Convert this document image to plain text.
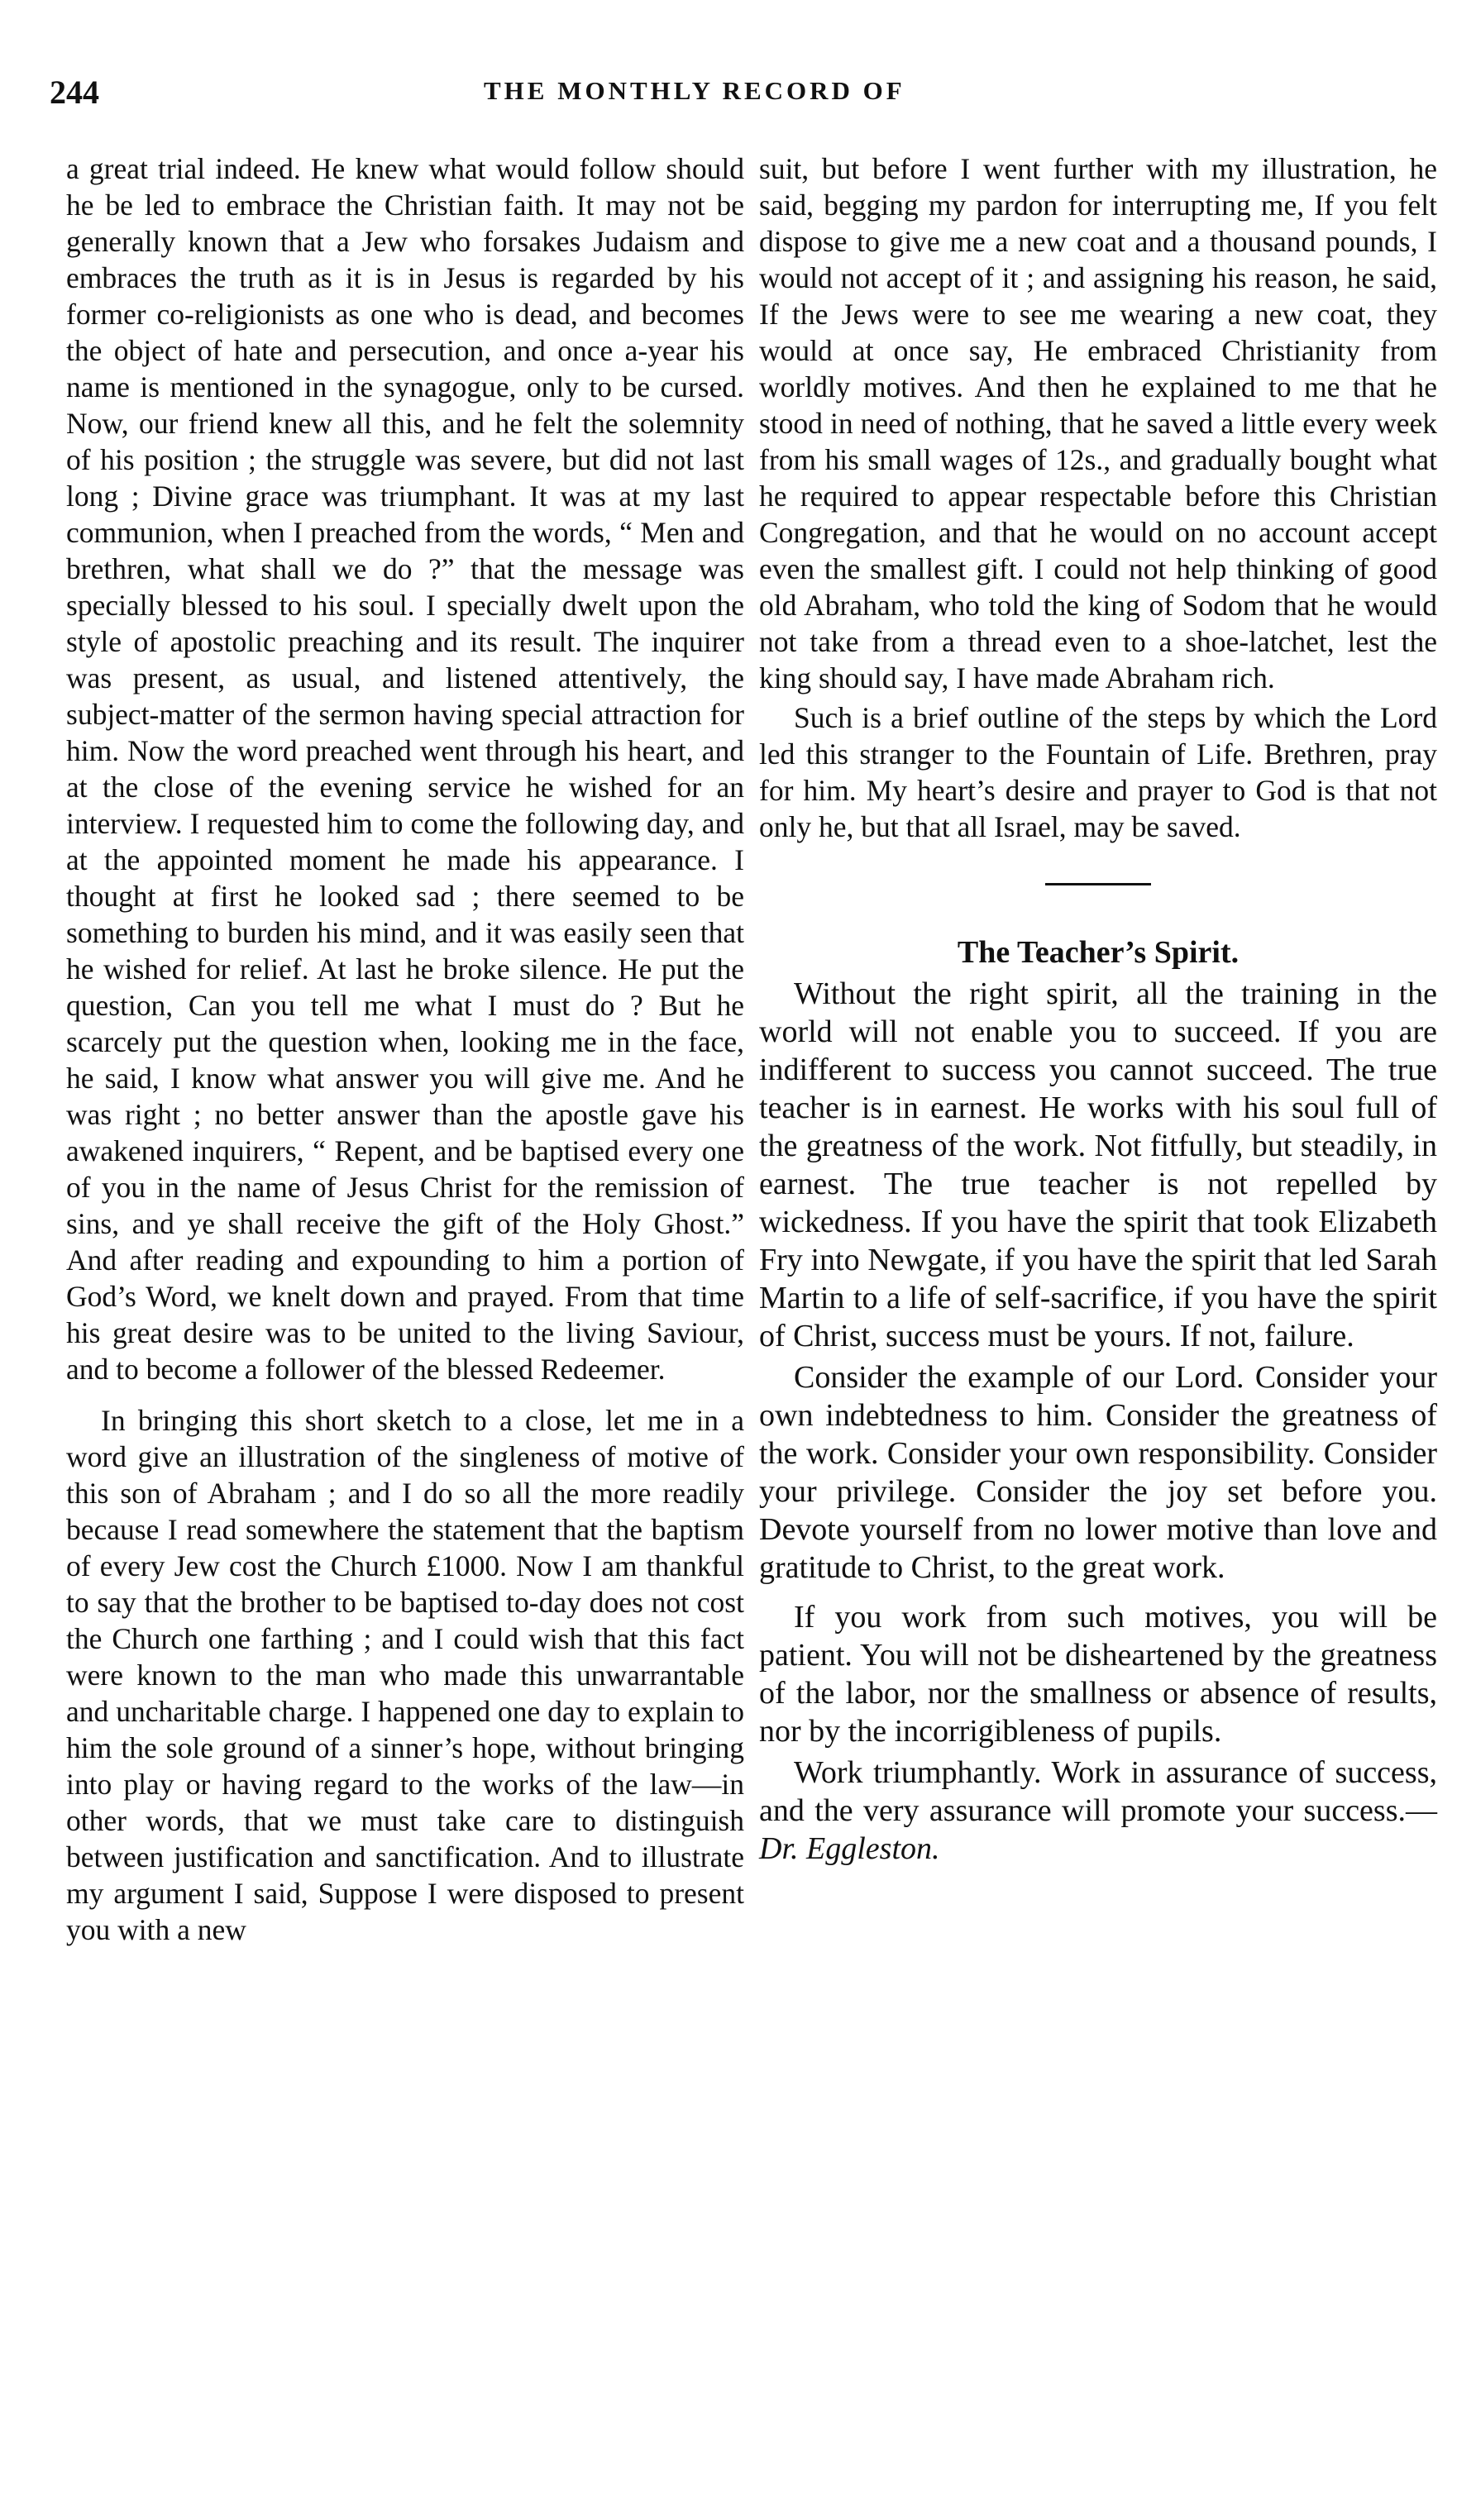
244	THE MONTHLY RECORD OF

a great trial indeed. He knew what would follow should he be led to embrace the Christian faith. It may not be generally known that a Jew who forsakes Judaism and embraces the truth as it is in Jesus is regarded by his former co-religionists as one who is dead, and becomes the object of hate and persecution, and once a-year his name is mentioned in the synagogue, only to be cursed. Now, our friend knew all this, and he felt the solemnity of his position ; the struggle was severe, but did not last long ; Divine grace was triumphant. It was at my last communion, when I preached from the words, “ Men and brethren, what shall we do ?” that the message was specially blessed to his soul. I specially dwelt upon the style of apostolic preaching and its result. The inquirer was present, as usual, and listened attentively, the subject-matter of the sermon having special attraction for him. Now the word preached went through his heart, and at the close of the evening service he wished for an interview. I requested him to come the following day, and at the appointed moment he made his appearance. I thought at first he looked sad ; there seemed to be something to burden his mind, and it was easily seen that he wished for relief. At last he broke silence. He put the question, Can you tell me what I must do ? But he scarcely put the question when, looking me in the face, he said, I know what answer you will give me. And he was right ; no better answer than the apostle gave his awakened inquirers, “ Repent, and be baptised every one of you in the name of Jesus Christ for the remission of sins, and ye shall receive the gift of the Holy Ghost.” And after reading and expounding to him a portion of God’s Word, we knelt down and prayed. From that time his great desire was to be united to the living Saviour, and to become a follower of the blessed Redeemer.

In bringing this short sketch to a close, let me in a word give an illustration of the singleness of motive of this son of Abraham ; and I do so all the more readily because I read somewhere the statement that the baptism of every Jew cost the Church £1000. Now I am thankful to say that the brother to be baptised to-day does not cost the Church one farthing ; and I could wish that this fact were known to the man who made this unwarrantable and uncharitable charge. I happened one day to explain to him the sole ground of a sinner’s hope, without bringing into play or having regard to the works of the law—in other words, that we must take care to distinguish between justification and sanctification. And to illustrate my argument I said, Suppose I were disposed to present you with a new

suit, but before I went further with my illustration, he said, begging my pardon for interrupting me, If you felt dispose to give me a new coat and a thousand pounds, I would not accept of it ; and assigning his reason, he said, If the Jews were to see me wearing a new coat, they would at once say, He embraced Christianity from worldly motives. And then he explained to me that he stood in need of nothing, that he saved a little every week from his small wages of 12s., and gradually bought what he required to appear respectable before this Christian Congregation, and that he would on no account accept even the smallest gift. I could not help thinking of good old Abraham, who told the king of Sodom that he would not take from a thread even to a shoe-latchet, lest the king should say, I have made Abraham rich.

Such is a brief outline of the steps by which the Lord led this stranger to the Fountain of Life. Brethren, pray for him. My heart’s desire and prayer to God is that not only he, but that all Israel, may be saved.

The Teacher’s Spirit.

Without the right spirit, all the training in the world will not enable you to succeed. If you are indifferent to success you cannot succeed. The true teacher is in earnest. He works with his soul full of the greatness of the work. Not fitfully, but steadily, in earnest. The true teacher is not repelled by wickedness. If you have the spirit that took Elizabeth Fry into Newgate, if you have the spirit that led Sarah Martin to a life of self-sacrifice, if you have the spirit of Christ, success must be yours. If not, failure.

Consider the example of our Lord. Consider your own indebtedness to him. Consider the greatness of the work. Consider your own responsibility. Consider your privilege. Consider the joy set before you. Devote yourself from no lower motive than love and gratitude to Christ, to the great work.

If you work from such motives, you will be patient. You will not be disheartened by the greatness of the labor, nor the smallness or absence of results, nor by the incorrigibleness of pupils.

Work triumphantly. Work in assurance of success, and the very assurance will promote your success.—Dr. Eggleston.
